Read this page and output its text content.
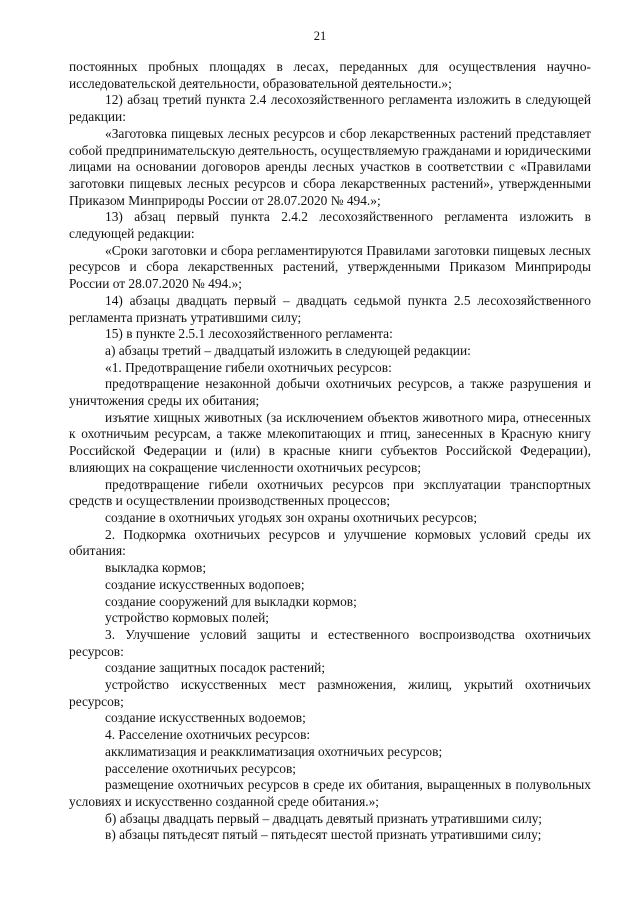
21

постоянных пробных площадях в лесах, переданных для осуществления научно-исследовательской деятельности, образовательной деятельности.»;

12) абзац третий пункта 2.4 лесохозяйственного регламента изложить в следующей редакции:

«Заготовка пищевых лесных ресурсов и сбор лекарственных растений представляет собой предпринимательскую деятельность, осуществляемую гражданами и юридическими лицами на основании договоров аренды лесных участков в соответствии с «Правилами заготовки пищевых лесных ресурсов и сбора лекарственных растений», утвержденными Приказом Минприроды России от 28.07.2020 № 494.»;

13) абзац первый пункта 2.4.2 лесохозяйственного регламента изложить в следующей редакции:

«Сроки заготовки и сбора регламентируются Правилами заготовки пищевых лесных ресурсов и сбора лекарственных растений, утвержденными Приказом Минприроды России от 28.07.2020 № 494.»;

14) абзацы двадцать первый – двадцать седьмой пункта 2.5 лесохозяйственного регламента признать утратившими силу;

15) в пункте 2.5.1 лесохозяйственного регламента:

а) абзацы третий – двадцатый изложить в следующей редакции:

«1. Предотвращение гибели охотничьих ресурсов:

предотвращение незаконной добычи охотничьих ресурсов, а также разрушения и уничтожения среды их обитания;

изъятие хищных животных (за исключением объектов животного мира, отнесенных к охотничьим ресурсам, а также млекопитающих и птиц, занесенных в Красную книгу Российской Федерации и (или) в красные книги субъектов Российской Федерации), влияющих на сокращение численности охотничьих ресурсов;

предотвращение гибели охотничьих ресурсов при эксплуатации транспортных средств и осуществлении производственных процессов;

создание в охотничьих угодьях зон охраны охотничьих ресурсов;

2. Подкормка охотничьих ресурсов и улучшение кормовых условий среды их обитания:

выкладка кормов;

создание искусственных водопоев;

создание сооружений для выкладки кормов;

устройство кормовых полей;

3. Улучшение условий защиты и естественного воспроизводства охотничьих ресурсов:

создание защитных посадок растений;

устройство искусственных мест размножения, жилищ, укрытий охотничьих ресурсов;

создание искусственных водоемов;

4. Расселение охотничьих ресурсов:

акклиматизация и реакклиматизация охотничьих ресурсов;

расселение охотничьих ресурсов;

размещение охотничьих ресурсов в среде их обитания, выращенных в полувольных условиях и искусственно созданной среде обитания.»;

б) абзацы двадцать первый – двадцать девятый признать утратившими силу;

в) абзацы пятьдесят пятый – пятьдесят шестой признать утратившими силу;
